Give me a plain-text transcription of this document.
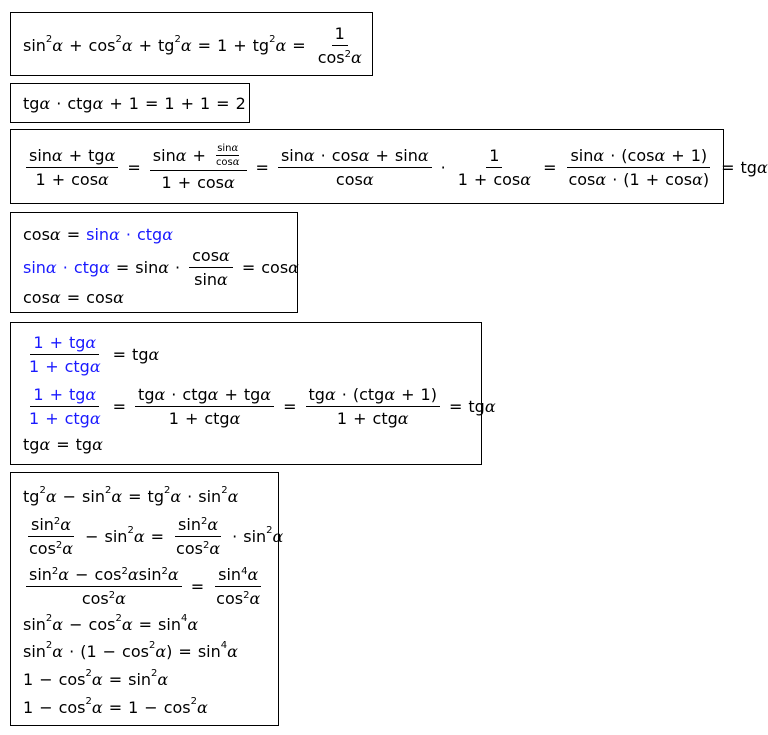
$\sin^2 \alpha + \cos^2 \alpha + tg^2$ $\alpha = 1 + tg^2$ $\alpha = \frac{1}{\cos^2\alpha}$
tg α · ctg α + 1 = 1 + 1 = 2
$\frac{\text{sinα + tgα}}{1 + \cos\alpha} = \frac{\sin \alpha + \frac{\sin\alpha}{\cos\alpha}}{1 + \cos\alpha} = \frac{\sin\alpha \cdot \cos\alpha + \sin\alpha}{\cos\alpha} \cdot \frac{1}{1 + \cos\alpha} = \frac{\sin\alpha \cdot (\cos\alpha + 1)}{\cos\alpha \cdot (1 + \cos\alpha)}$ = tg α
cos α = sinα · ctgα
$\sin\alpha \cdot ctg\alpha = \sin \alpha \cdot \frac{\cos\alpha}{\sin\alpha} = \cos \alpha$
cos α = cos α
$\frac{\text{1 + tgα}}{\text{1 + ctgα}}$ = tg α
$\frac{\text{1 + tgα}}{\text{1 + ctgα}} = \frac{\text{tgα · ctgα + tgα}}{\text{1 + ctgα}} = \frac{\text{tgα · (ctgα + 1)}}{\text{1 + ctgα}}$ = tg α
tg α = tg α
$tg^2$ $\alpha - \sin^2 \alpha = tg^2$ $\alpha \cdot \sin^2 \alpha$
$\frac{\sin^2\alpha}{\cos^2\alpha} - \sin^2 \alpha = \frac{\sin^2\alpha}{\cos^2\alpha} \cdot \sin^2 \alpha$
$\frac{\sin^2\alpha - \cos^2\alpha\sin^2\alpha}{\cos^2\alpha} = \frac{\sin^4\alpha}{\cos^2\alpha}$
$\sin^2 \alpha - \cos^2 \alpha = \sin^4 \alpha$
$\sin^2 \alpha$ · ( $1 - \cos^2 \alpha$ ) = $\sin^4 \alpha$
$1 - \cos^2 \alpha = \sin^2 \alpha$
$1 - \cos^2 \alpha = 1 - \cos^2 \alpha$
